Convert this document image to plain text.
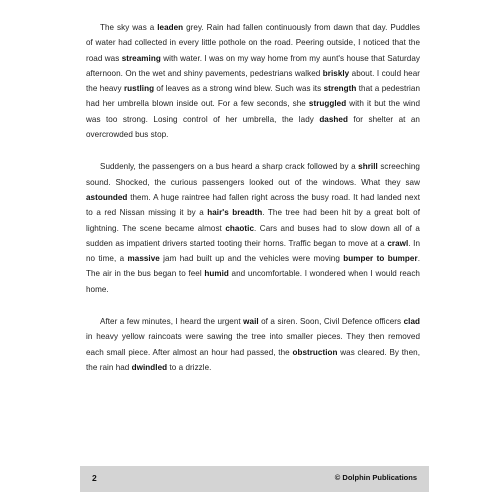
The sky was a leaden grey. Rain had fallen continuously from dawn that day. Puddles of water had collected in every little pothole on the road. Peering outside, I noticed that the road was streaming with water. I was on my way home from my aunt's house that Saturday afternoon. On the wet and shiny pavements, pedestrians walked briskly about. I could hear the heavy rustling of leaves as a strong wind blew. Such was its strength that a pedestrian had her umbrella blown inside out. For a few seconds, she struggled with it but the wind was too strong. Losing control of her umbrella, the lady dashed for shelter at an overcrowded bus stop.

Suddenly, the passengers on a bus heard a sharp crack followed by a shrill screeching sound. Shocked, the curious passengers looked out of the windows. What they saw astounded them. A huge raintree had fallen right across the busy road. It had landed next to a red Nissan missing it by a hair's breadth. The tree had been hit by a great bolt of lightning. The scene became almost chaotic. Cars and buses had to slow down all of a sudden as impatient drivers started tooting their horns. Traffic began to move at a crawl. In no time, a massive jam had built up and the vehicles were moving bumper to bumper. The air in the bus began to feel humid and uncomfortable. I wondered when I would reach home.

After a few minutes, I heard the urgent wail of a siren. Soon, Civil Defence officers clad in heavy yellow raincoats were sawing the tree into smaller pieces. They then removed each small piece. After almost an hour had passed, the obstruction was cleared. By then, the rain had dwindled to a drizzle.

2	© Dolphin Publications
